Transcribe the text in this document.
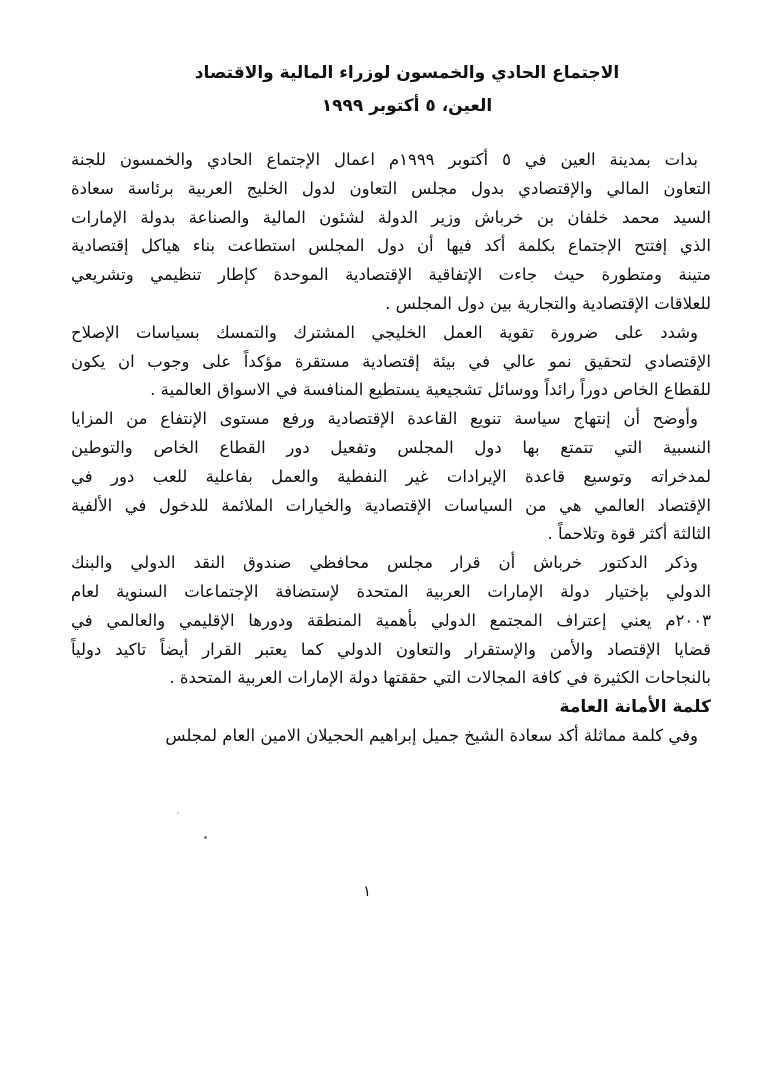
الاجتماع الحادي والخمسون لوزراء المالية والاقتصاد
العين، ٥ أكتوبر ١٩٩٩
بدات بمدينة العين في ٥ أكتوبر ١٩٩٩م اعمال الإجتماع الحادي والخمسون للجنة
التعاون المالي والإقتصادي بدول مجلس التعاون لدول الخليج العربية برئاسة سعادة
السيد محمد خلفان بن خرباش وزير الدولة لشئون المالية والصناعة بدولة الإمارات
الذي إفتتح الإجتماع بكلمة أكد فيها أن دول المجلس استطاعت بناء هياكل إقتصادية
متينة ومتطورة حيث جاءت الإتفاقية الإقتصادية الموحدة كإطار تنظيمي وتشريعي
للعلاقات الإقتصادية والتجارية بين دول المجلس .
وشدد على ضرورة تقوية العمل الخليجي المشترك والتمسك بسياسات الإصلاح
الإقتصادي لتحقيق نمو عالي في بيئة إقتصادية مستقرة مؤكداً على وجوب ان يكون
للقطاع الخاص دوراً رائداً ووسائل تشجيعية يستطيع المنافسة في الاسواق العالمية .
وأوضح أن إنتهاج سياسة تنويع القاعدة الإقتصادية ورفع مستوى الإنتفاع من المزايا
النسبية التي تتمتع بها دول المجلس وتفعيل دور القطاع الخاص والتوطين
لمدخراته وتوسيع قاعدة الإيرادات غير النفطية والعمل بفاعلية للعب دور في
الإقتصاد العالمي هي من السياسات الإقتصادية والخيارات الملائمة للدخول في الألفية
الثالثة أكثر قوة وتلاحماً .
وذكر الدكتور خرباش أن قرار مجلس محافظي صندوق النقد الدولي والبنك
الدولي بإختيار دولة الإمارات العربية المتحدة لإستضافة الإجتماعات السنوية لعام
٢٠٠٣م يعني إعتراف المجتمع الدولي بأهمية المنطقة ودورها الإقليمي والعالمي في
قضايا الإقتصاد والأمن والإستقرار والتعاون الدولي كما يعتبر القرار أيضاً تاكيد دولياً
بالنجاحات الكثيرة في كافة المجالات التي حققتها دولة الإمارات العربية المتحدة .
كلمة الأمانة العامة
وفي كلمة مماثلة أكد سعادة الشيخ جميل إبراهيم الحجيلان الامين العام لمجلس
١
